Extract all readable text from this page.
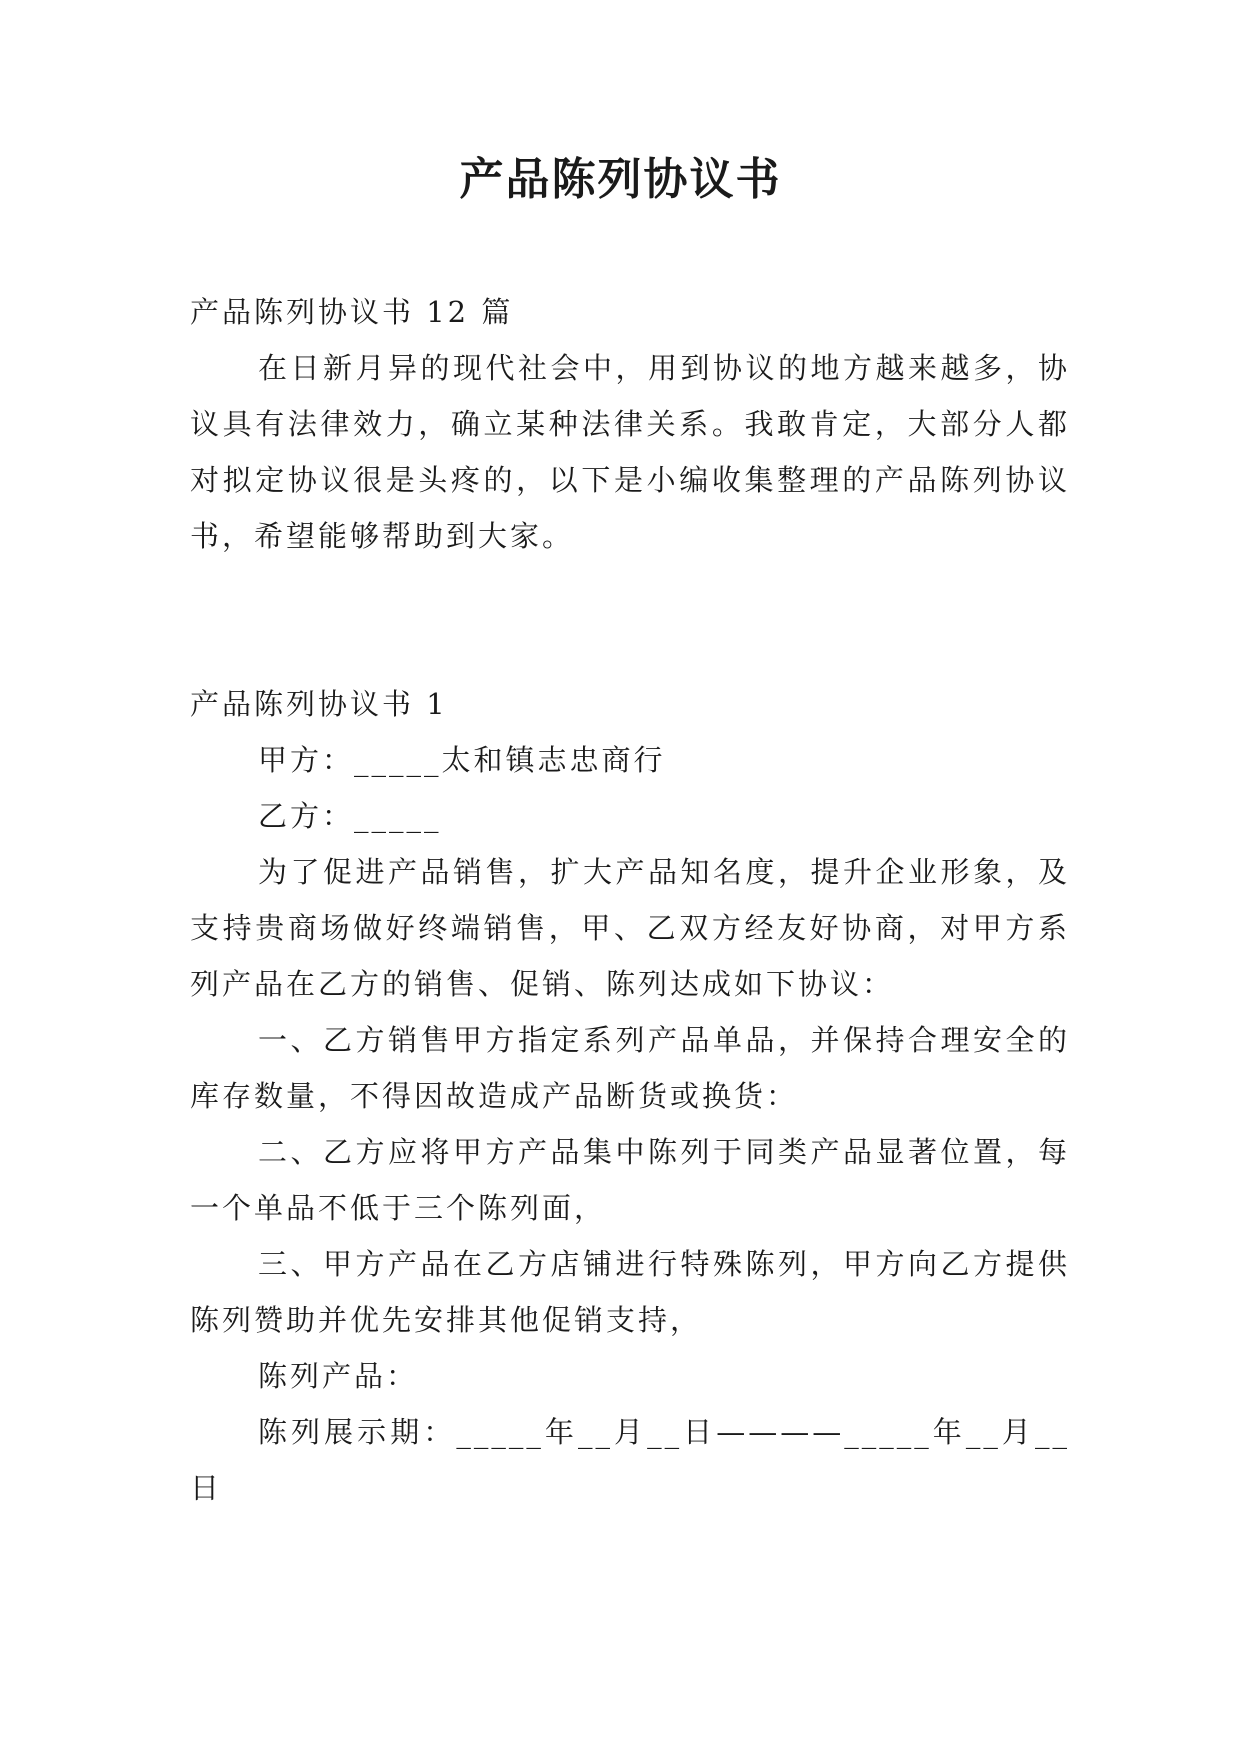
产品陈列协议书

产品陈列协议书 12 篇

在日新月异的现代社会中，用到协议的地方越来越多，协议具有法律效力，确立某种法律关系。我敢肯定，大部分人都对拟定协议很是头疼的，以下是小编收集整理的产品陈列协议书，希望能够帮助到大家。

产品陈列协议书 1

甲方：_____太和镇志忠商行

乙方：_____

为了促进产品销售，扩大产品知名度，提升企业形象，及支持贵商场做好终端销售，甲、乙双方经友好协商，对甲方系列产品在乙方的销售、促销、陈列达成如下协议：

一、乙方销售甲方指定系列产品单品，并保持合理安全的库存数量，不得因故造成产品断货或换货：

二、乙方应将甲方产品集中陈列于同类产品显著位置，每一个单品不低于三个陈列面，

三、甲方产品在乙方店铺进行特殊陈列，甲方向乙方提供陈列赞助并优先安排其他促销支持，

陈列产品：

陈列展示期：_____年__月__日————_____年__月__日
